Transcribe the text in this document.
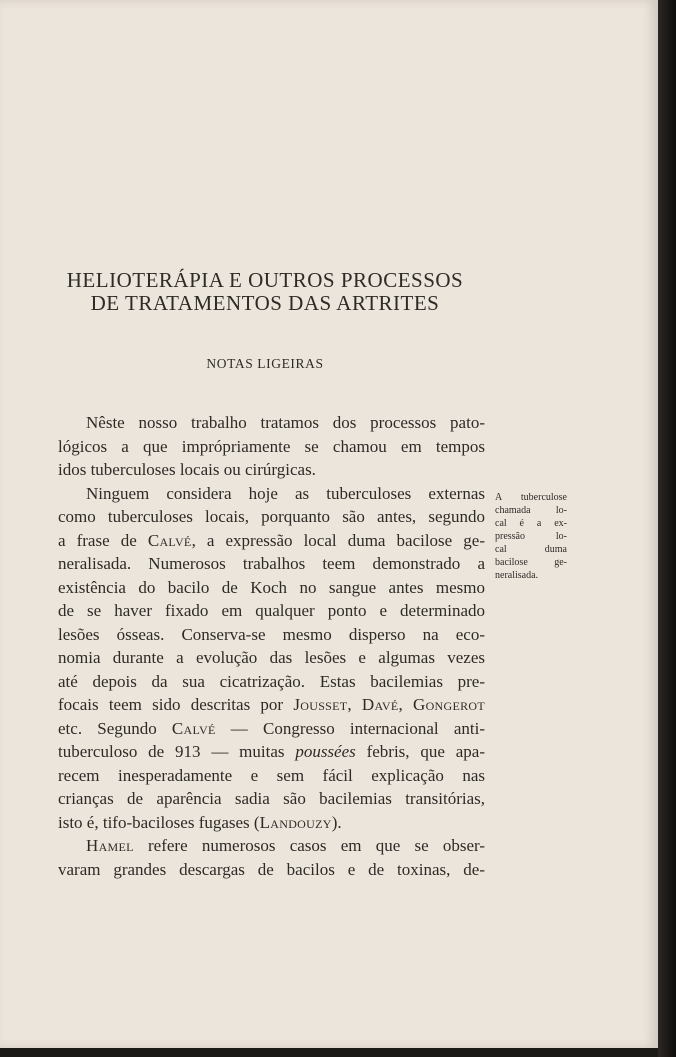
HELIOTERÁPIA E OUTROS PROCESSOS
DE TRATAMENTOS DAS ARTRITES
NOTAS LIGEIRAS
Nêste nosso trabalho tratamos dos processos pato-
lógicos a que imprópriamente se chamou em tempos
idos tuberculoses locais ou cirúrgicas.
Ninguem considera hoje as tuberculoses externas
como tuberculoses locais, porquanto são antes, segundo
a frase de Calvé, a expressão local duma bacilose ge-
neralisada. Numerosos trabalhos teem demonstrado a
existência do bacilo de Koch no sangue antes mesmo
de se haver fixado em qualquer ponto e determinado
lesões ósseas. Conserva-se mesmo disperso na eco-
nomia durante a evolução das lesões e algumas vezes
até depois da sua cicatrização. Estas bacilemias pre-
focais teem sido descritas por Jousset, Davé, Gongerot
etc. Segundo Calvé — Congresso internacional anti-
tuberculoso de 913 — muitas poussées febris, que apa-
recem inesperadamente e sem fácil explicação nas
crianças de aparência sadia são bacilemias transitórias,
isto é, tifo-baciloses fugases (Landouzy).
Hamel refere numerosos casos em que se obser-
varam grandes descargas de bacilos e de toxinas, de-
A tuberculose
chamada lo-
cal é a ex-
pressão lo-
cal duma
bacilose ge-
neralisada.
